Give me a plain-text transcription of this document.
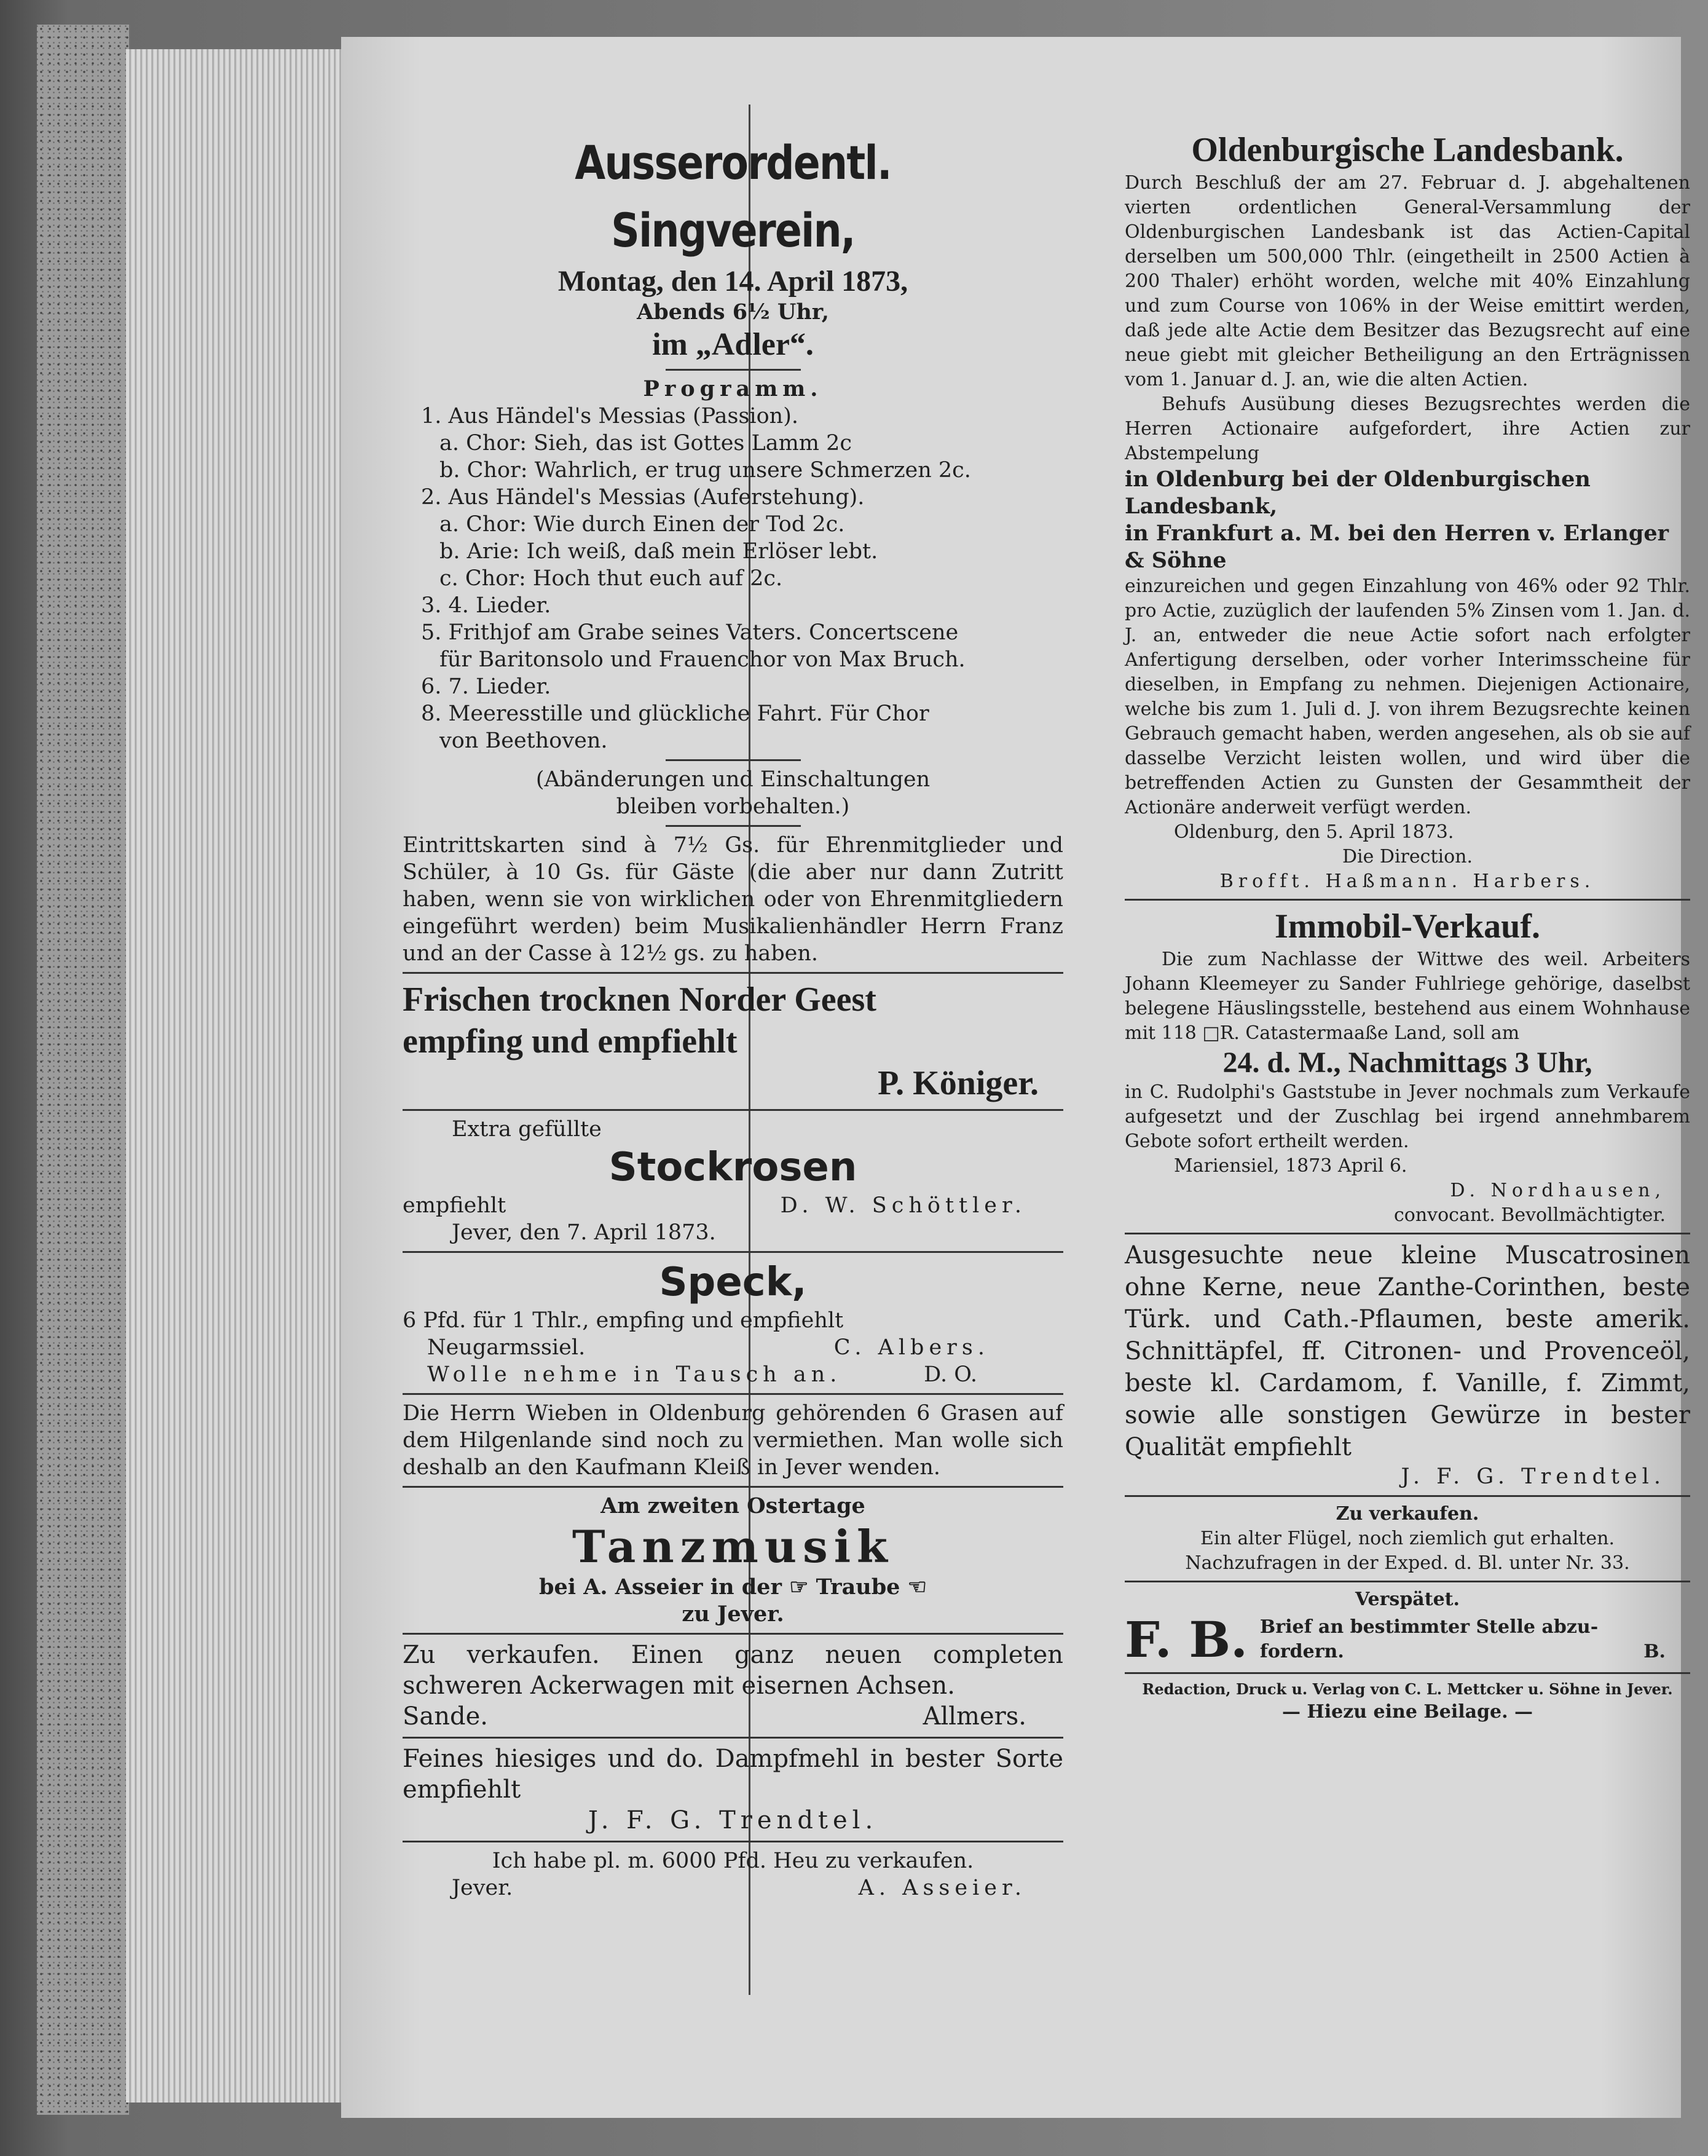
Ausserordentl. Singverein,
Montag, den 14. April 1873,
Abends 6½ Uhr,
im „Adler“.
Programm.
1. Aus Händel's Messias (Passion).
a. Chor: Sieh, das ist Gottes Lamm 2c
b. Chor: Wahrlich, er trug unsere Schmerzen 2c.
2. Aus Händel's Messias (Auferstehung).
a. Chor: Wie durch Einen der Tod 2c.
b. Arie: Ich weiß, daß mein Erlöser lebt.
c. Chor: Hoch thut euch auf 2c.
3. 4. Lieder.
5. Frithjof am Grabe seines Vaters. Concertscene
für Baritonsolo und Frauenchor von Max Bruch.
6. 7. Lieder.
8. Meeresstille und glückliche Fahrt. Für Chor
von Beethoven.
(Abänderungen und Einschaltungen
bleiben vorbehalten.)

Eintrittskarten sind à 7½ Gs. für Ehrenmitglieder und Schüler, à 10 Gs. für Gäste (die aber nur dann Zutritt haben, wenn sie von wirklichen oder von Ehrenmitgliedern eingeführt werden) beim Musikalienhändler Herrn Franz und an der Casse à 12½ gs. zu haben.

Frischen trocknen Norder Geest
empfing und empfiehlt
P. Königer.
Extra gefüllte
Stockrosen
empfiehlt	D. W. Schöttler.
Jever, den 7. April 1873.
Speck,
6 Pfd. für 1 Thlr., empfing und empfiehlt
Neugarmssiel.	C. Albers.
Wolle nehme in Tausch an.	D. O.

Die Herrn Wieben in Oldenburg gehörenden 6 Grasen auf dem Hilgenlande sind noch zu vermiethen. Man wolle sich deshalb an den Kaufmann Kleiß in Jever wenden.

Am zweiten Ostertage
Tanzmusik
bei A. Asseier in der ☞ Traube ☜
zu Jever.

Zu verkaufen. Einen ganz neuen completen schweren Ackerwagen mit eisernen Achsen.

Sande.	Allmers.

Feines hiesiges und do. Dampfmehl in bester Sorte empfiehlt

J. F. G. Trendtel.
Ich habe pl. m. 6000 Pfd. Heu zu verkaufen.
Jever.	A. Asseier.
Oldenburgische Landesbank.

Durch Beschluß der am 27. Februar d. J. abgehaltenen vierten ordentlichen General-Versammlung der Oldenburgischen Landesbank ist das Actien-Capital derselben um 500,000 Thlr. (eingetheilt in 2500 Actien à 200 Thaler) erhöht worden, welche mit 40% Einzahlung und zum Course von 106% in der Weise emittirt werden, daß jede alte Actie dem Besitzer das Bezugsrecht auf eine neue giebt mit gleicher Betheiligung an den Erträgnissen vom 1. Januar d. J. an, wie die alten Actien.

Behufs Ausübung dieses Bezugsrechtes werden die Herren Actionaire aufgefordert, ihre Actien zur Abstempelung

in Oldenburg bei der Oldenburgischen Landesbank,

in Frankfurt a. M. bei den Herren v. Erlanger & Söhne

einzureichen und gegen Einzahlung von 46% oder 92 Thlr. pro Actie, zuzüglich der laufenden 5% Zinsen vom 1. Jan. d. J. an, entweder die neue Actie sofort nach erfolgter Anfertigung derselben, oder vorher Interimsscheine für dieselben, in Empfang zu nehmen. Diejenigen Actionaire, welche bis zum 1. Juli d. J. von ihrem Bezugsrechte keinen Gebrauch gemacht haben, werden angesehen, als ob sie auf dasselbe Verzicht leisten wollen, und wird über die betreffenden Actien zu Gunsten der Gesammtheit der Actionäre anderweit verfügt werden.

Oldenburg, den 5. April 1873.
Die Direction.
Brofft. Haßmann. Harbers.
Immobil-Verkauf.

Die zum Nachlasse der Wittwe des weil. Arbeiters Johann Kleemeyer zu Sander Fuhlriege gehörige, daselbst belegene Häuslingsstelle, bestehend aus einem Wohnhause mit 118 □R. Catastermaaße Land, soll am

24. d. M., Nachmittags 3 Uhr,

in C. Rudolphi's Gaststube in Jever nochmals zum Verkaufe aufgesetzt und der Zuschlag bei irgend annehmbarem Gebote sofort ertheilt werden.

Mariensiel, 1873 April 6.
D. Nordhausen,
convocant. Bevollmächtigter.

Ausgesuchte neue kleine Muscatrosinen ohne Kerne, neue Zanthe-Corinthen, beste Türk. und Cath.-Pflaumen, beste amerik. Schnittäpfel, ff. Citronen- und Provenceöl, beste kl. Cardamom, f. Vanille, f. Zimmt, sowie alle sonstigen Gewürze in bester Qualität empfiehlt

J. F. G. Trendtel.
Zu verkaufen.
Ein alter Flügel, noch ziemlich gut erhalten.
Nachzufragen in der Exped. d. Bl. unter Nr. 33.
Verspätet.
F. B. Brief an bestimmter Stelle abzu-
fordern.	B.
Redaction, Druck u. Verlag von C. L. Mettcker u. Söhne in Jever.
— Hiezu eine Beilage. —
